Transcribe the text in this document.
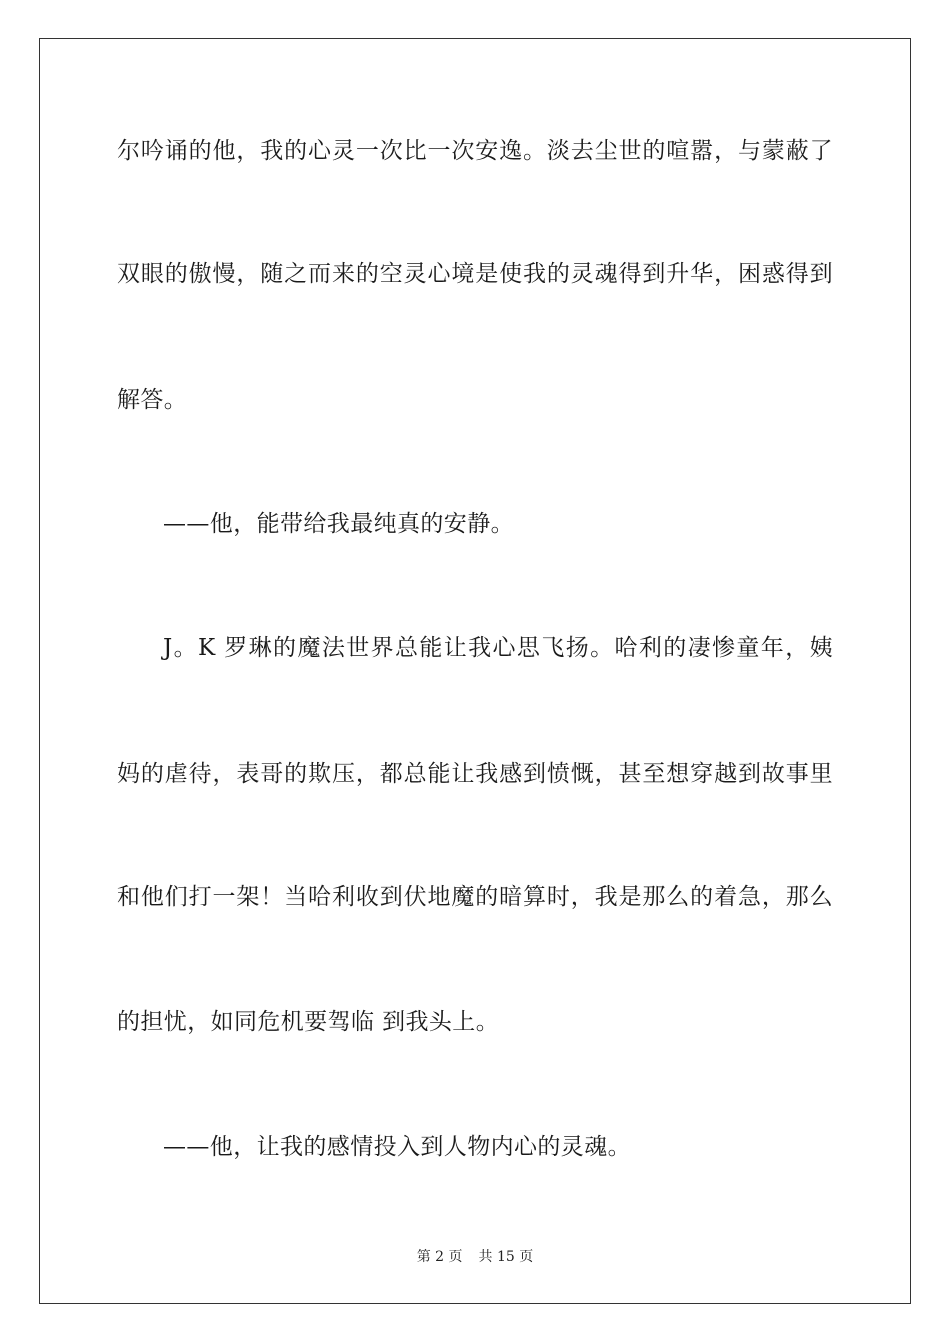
尔吟诵的他，我的心灵一次比一次安逸。淡去尘世的喧嚣，与蒙蔽了
双眼的傲慢，随之而来的空灵心境是使我的灵魂得到升华，困惑得到
解答。
——他，能带给我最纯真的安静。
J。K 罗琳的魔法世界总能让我心思飞扬。哈利的凄惨童年，姨
妈的虐待，表哥的欺压，都总能让我感到愤慨，甚至想穿越到故事里
和他们打一架！当哈利收到伏地魔的暗算时，我是那么的着急，那么
的担忧，如同危机要驾临 到我头上。
——他，让我的感情投入到人物内心的灵魂。
第 2 页 共 15 页
